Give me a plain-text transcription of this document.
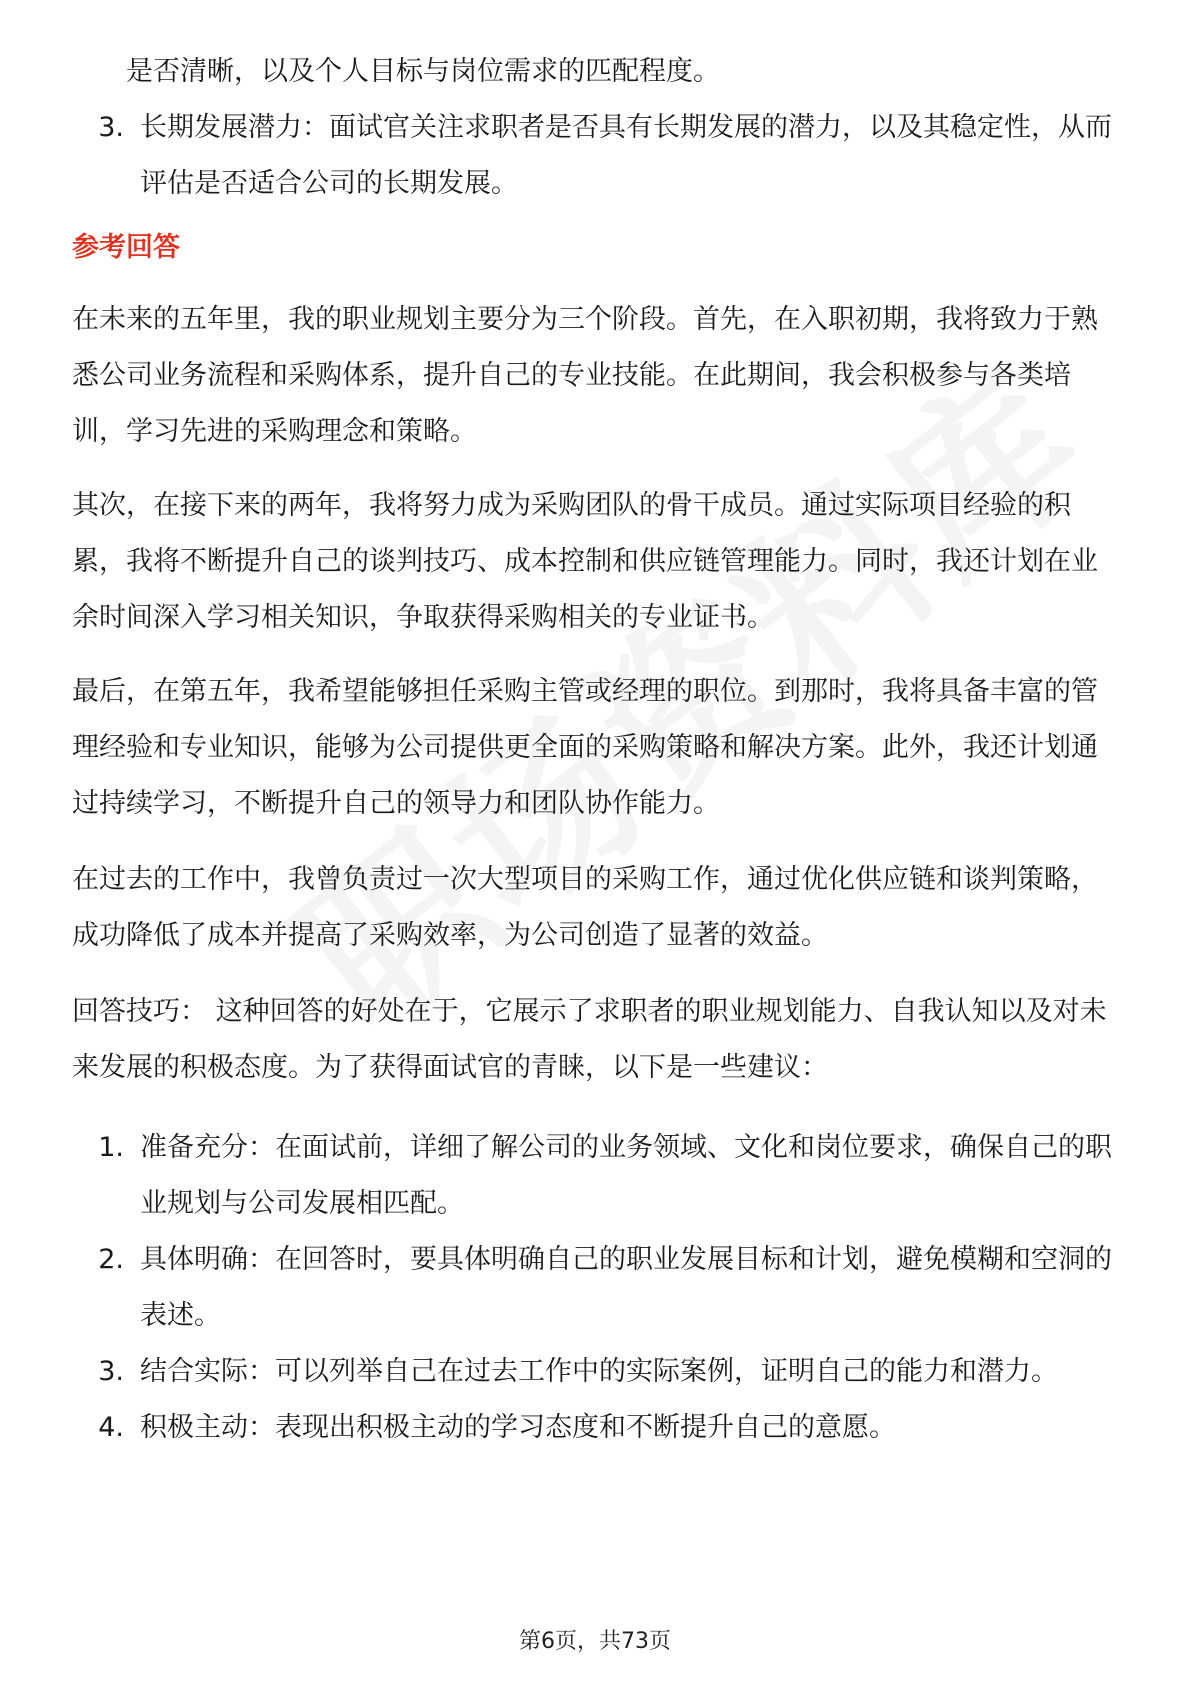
是否清晰，以及个人目标与岗位需求的匹配程度。
3. 长期发展潜力：面试官关注求职者是否具有长期发展的潜力，以及其稳定性，从而评估是否适合公司的长期发展。
参考回答
在未来的五年里，我的职业规划主要分为三个阶段。首先，在入职初期，我将致力于熟悉公司业务流程和采购体系，提升自己的专业技能。在此期间，我会积极参与各类培训，学习先进的采购理念和策略。
其次，在接下来的两年，我将努力成为采购团队的骨干成员。通过实际项目经验的积累，我将不断提升自己的谈判技巧、成本控制和供应链管理能力。同时，我还计划在业余时间深入学习相关知识，争取获得采购相关的专业证书。
最后，在第五年，我希望能够担任采购主管或经理的职位。到那时，我将具备丰富的管理经验和专业知识，能够为公司提供更全面的采购策略和解决方案。此外，我还计划通过持续学习，不断提升自己的领导力和团队协作能力。
在过去的工作中，我曾负责过一次大型项目的采购工作，通过优化供应链和谈判策略，成功降低了成本并提高了采购效率，为公司创造了显著的效益。
回答技巧： 这种回答的好处在于，它展示了求职者的职业规划能力、自我认知以及对未来发展的积极态度。为了获得面试官的青睐，以下是一些建议：
1. 准备充分：在面试前，详细了解公司的业务领域、文化和岗位要求，确保自己的职业规划与公司发展相匹配。
2. 具体明确：在回答时，要具体明确自己的职业发展目标和计划，避免模糊和空洞的表述。
3. 结合实际：可以列举自己在过去工作中的实际案例，证明自己的能力和潜力。
4. 积极主动：表现出积极主动的学习态度和不断提升自己的意愿。
第6页，共73页
